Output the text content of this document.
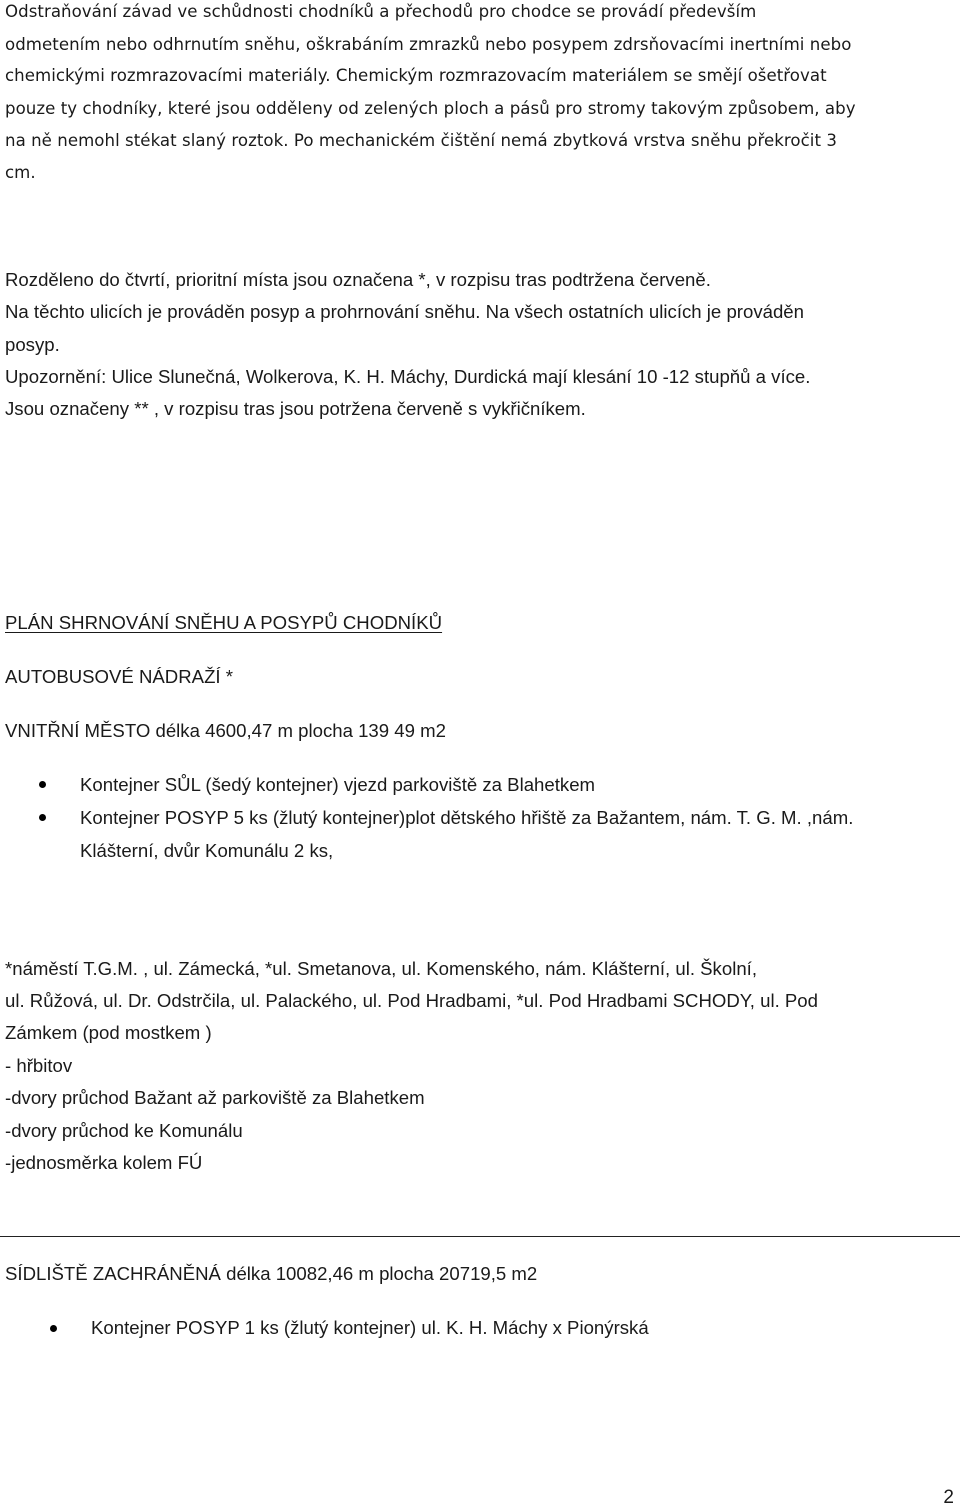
Odstraňování závad ve schůdnosti chodníků a přechodů pro chodce se provádí především
odmetením nebo odhrnutím sněhu, oškrabáním zmrazků nebo posypem zdrsňovacími inertními nebo
chemickými rozmrazovacími materiály. Chemickým rozmrazovacím materiálem se smějí ošetřovat
pouze ty chodníky, které jsou odděleny od zelených ploch a pásů pro stromy takovým způsobem, aby
na ně nemohl stékat slaný roztok. Po mechanickém čištění nemá zbytková vrstva sněhu překročit 3
cm.
Rozděleno do čtvrtí, prioritní místa jsou označena *, v rozpisu tras podtržena červeně.
Na těchto ulicích je prováděn posyp a prohrnování sněhu. Na všech ostatních ulicích je prováděn
posyp.
Upozornění: Ulice Slunečná, Wolkerova, K. H. Máchy, Durdická mají klesání 10 -12 stupňů a více.
Jsou označeny ** , v rozpisu tras jsou potržena červeně s vykřičníkem.
PLÁN SHRNOVÁNÍ SNĚHU A POSYPŮ CHODNÍKŮ
AUTOBUSOVÉ NÁDRAŽÍ *
VNITŘNÍ MĚSTO délka 4600,47 m plocha 139 49 m2
Kontejner SŮL (šedý kontejner) vjezd parkoviště za Blahetkem
Kontejner POSYP 5 ks (žlutý kontejner)plot dětského hřiště za Bažantem, nám. T. G. M. ,nám.
Klášterní, dvůr Komunálu 2 ks,
*náměstí T.G.M. , ul. Zámecká, *ul. Smetanova, ul. Komenského, nám. Klášterní, ul. Školní,
ul. Růžová, ul. Dr. Odstrčila, ul. Palackého, ul. Pod Hradbami, *ul. Pod Hradbami SCHODY, ul. Pod
Zámkem (pod mostkem )
- hřbitov
-dvory průchod Bažant až parkoviště za Blahetkem
-dvory průchod ke Komunálu
-jednosměrka kolem FÚ
SÍDLIŠTĚ ZACHRÁNĚNÁ délka 10082,46 m plocha 20719,5 m2
Kontejner POSYP 1 ks (žlutý kontejner) ul. K. H. Máchy x Pionýrská
2
